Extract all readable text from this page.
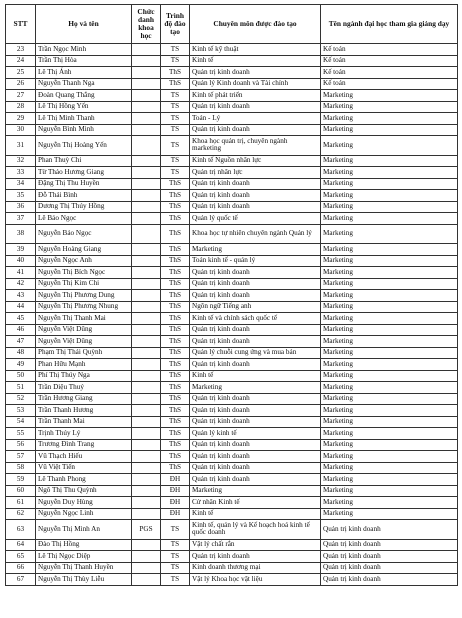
STT	Họ và tên	Chức danh khoa học	Trình độ đào tạo	Chuyên môn được đào tạo	Tên ngành đại học tham gia giảng dạy
23	Trần Ngọc Minh		TS	Kinh tế kỹ thuật	Kế toán
24	Trần Thị Hòa		TS	Kinh tế	Kế toán
25	Lê Thị Ánh		ThS	Quản trị kinh doanh	Kế toán
26	Nguyễn Thanh Nga		ThS	Quản lý Kinh doanh và Tài chính	Kế toán
27	Đoàn Quang Thắng		TS	Kinh tế phát triển	Marketing
28	Lê Thị Hồng Yến		TS	Quản trị kinh doanh	Marketing
29	Lê Thị Minh Thanh		TS	Toán - Lý	Marketing
30	Nguyễn Bình Minh		TS	Quản trị kinh doanh	Marketing
31	Nguyễn Thị Hoàng Yến		TS	Khoa học quản trị, chuyên ngành marketing	Marketing
32	Phan Thuỳ Chi		TS	Kinh tế Nguồn nhân lực	Marketing
33	Từ Thảo Hương Giang		TS	Quản trị nhân lực	Marketing
34	Đặng Thị Thu Huyền		ThS	Quản trị kinh doanh	Marketing
35	Đỗ Thái Bình		ThS	Quản trị kinh doanh	Marketing
36	Dương Thị Thúy Hồng		ThS	Quản trị kinh doanh	Marketing
37	Lê Bảo Ngọc		ThS	Quản lý quốc tế	Marketing
38	Nguyễn Bảo Ngọc		ThS	Khoa học tự nhiên chuyên ngành Quản lý	Marketing
39	Nguyễn Hoàng Giang		ThS	Marketing	Marketing
40	Nguyễn Ngọc Anh		ThS	Toán kinh tế - quản lý	Marketing
41	Nguyễn Thị Bích Ngọc		ThS	Quản trị kinh doanh	Marketing
42	Nguyễn Thị Kim Chi		ThS	Quản trị kinh doanh	Marketing
43	Nguyễn Thị Phương Dung		ThS	Quản trị kinh doanh	Marketing
44	Nguyễn Thị Phương Nhung		ThS	Ngôn ngữ Tiếng anh	Marketing
45	Nguyễn Thị Thanh Mai		ThS	Kinh tế và chính sách quốc tế	Marketing
46	Nguyễn Việt Dũng		ThS	Quản trị kinh doanh	Marketing
47	Nguyễn Việt Dũng		ThS	Quản trị kinh doanh	Marketing
48	Phạm Thị Thái Quỳnh		ThS	Quản lý chuỗi cung ứng và mua bán	Marketing
49	Phan Hữu Mạnh		ThS	Quản trị kinh doanh	Marketing
50	Phí Thị Thúy Nga		ThS	Kinh tế	Marketing
51	Trần Diệu Thuý		ThS	Marketing	Marketing
52	Trần Hương Giang		ThS	Quản trị kinh doanh	Marketing
53	Trần Thanh Hương		ThS	Quản trị kinh doanh	Marketing
54	Trần Thanh Mai		ThS	Quản trị kinh doanh	Marketing
55	Trịnh Thúy Lý		ThS	Quản lý kinh tế	Marketing
56	Trương Đình Trang		ThS	Quản trị kinh doanh	Marketing
57	Vũ Thạch Hiếu		ThS	Quản trị kinh doanh	Marketing
58	Vũ Việt Tiến		ThS	Quản trị kinh doanh	Marketing
59	Lê Thanh Phong		ĐH	Quản trị kinh doanh	Marketing
60	Ngô Thị Thu Quỳnh		ĐH	Marketing	Marketing
61	Nguyễn Duy Hùng		ĐH	Cử nhân Kinh tế	Marketing
62	Nguyễn Ngọc Linh		ĐH	Kinh tế	Marketing
63	Nguyễn Thị Minh An	PGS	TS	Kinh tế, quản lý và Kế hoạch hoá kinh tế quốc doanh	Quản trị kinh doanh
64	Đào Thị Hồng		TS	Vật lý chất rắn	Quản trị kinh doanh
65	Lê Thị Ngọc Diệp		TS	Quản trị kinh doanh	Quản trị kinh doanh
66	Nguyễn Thị Thanh Huyền		TS	Kinh doanh thương mại	Quản trị kinh doanh
67	Nguyễn Thị Thùy Liễu		TS	Vật lý Khoa học vật liệu	Quản trị kinh doanh
